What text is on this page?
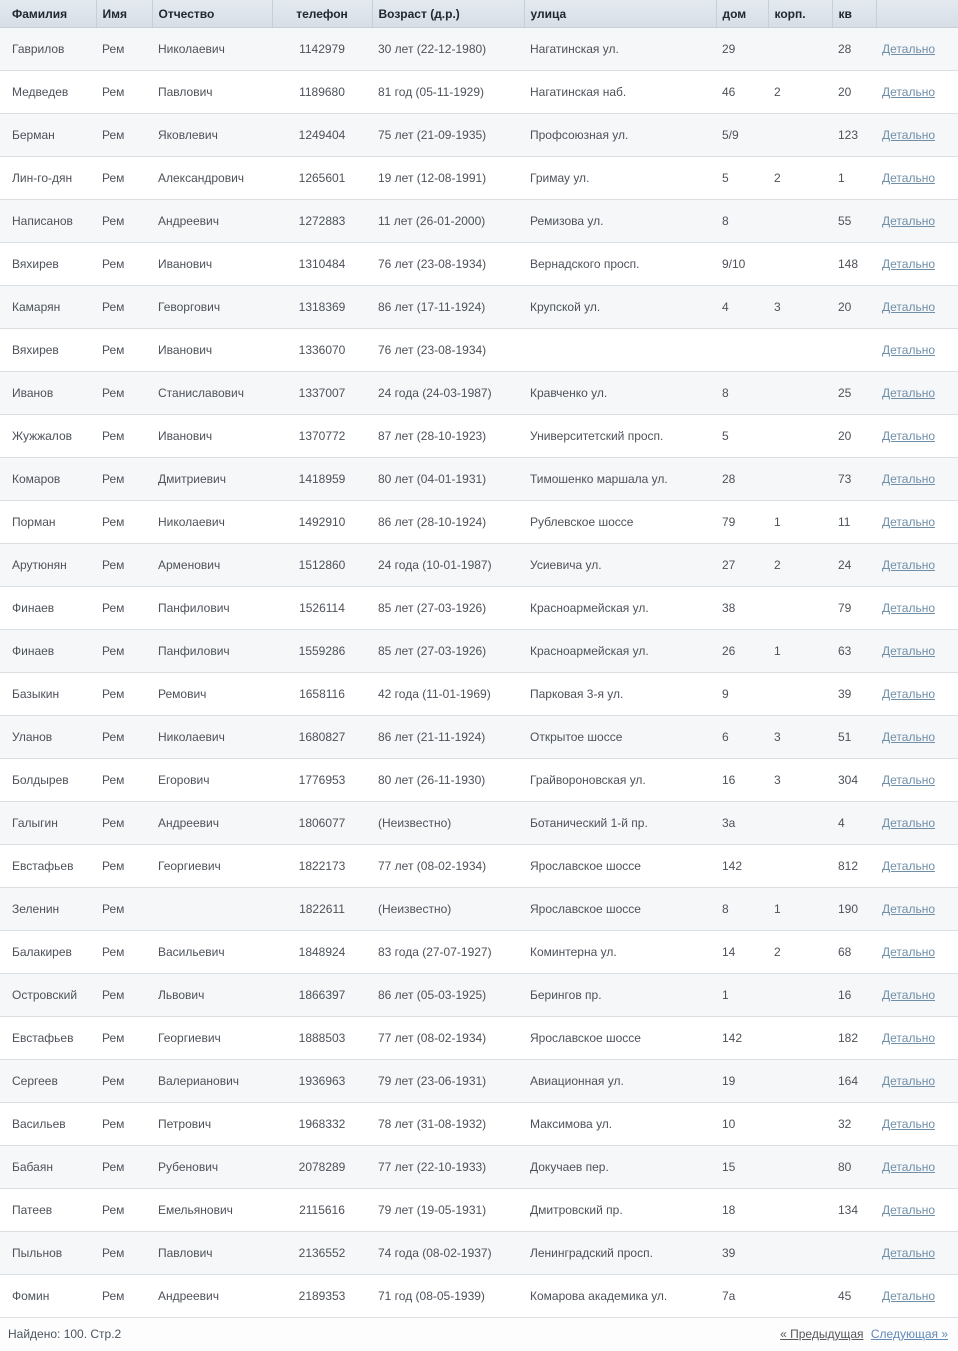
Фамилия	Имя	Отчество	телефон	Возраст (д.р.)	улица	дом	корп.	кв	
Гаврилов	Рем	Николаевич	1142979	30 лет (22-12-1980)	Нагатинская ул.	29		28	Детально
Медведев	Рем	Павлович	1189680	81 год (05-11-1929)	Нагатинская наб.	46	2	20	Детально
Берман	Рем	Яковлевич	1249404	75 лет (21-09-1935)	Профсоюзная ул.	5/9		123	Детально
Лин-го-дян	Рем	Александрович	1265601	19 лет (12-08-1991)	Гримау ул.	5	2	1	Детально
Написанов	Рем	Андреевич	1272883	11 лет (26-01-2000)	Ремизова ул.	8		55	Детально
Вяхирев	Рем	Иванович	1310484	76 лет (23-08-1934)	Вернадского просп.	9/10		148	Детально
Камарян	Рем	Геворгович	1318369	86 лет (17-11-1924)	Крупской ул.	4	3	20	Детально
Вяхирев	Рем	Иванович	1336070	76 лет (23-08-1934)					Детально
Иванов	Рем	Станиславович	1337007	24 года (24-03-1987)	Кравченко ул.	8		25	Детально
Жужжалов	Рем	Иванович	1370772	87 лет (28-10-1923)	Университетский просп.	5		20	Детально
Комаров	Рем	Дмитриевич	1418959	80 лет (04-01-1931)	Тимошенко маршала ул.	28		73	Детально
Порман	Рем	Николаевич	1492910	86 лет (28-10-1924)	Рублевское шоссе	79	1	11	Детально
Арутюнян	Рем	Арменович	1512860	24 года (10-01-1987)	Усиевича ул.	27	2	24	Детально
Финаев	Рем	Панфилович	1526114	85 лет (27-03-1926)	Красноармейская ул.	38		79	Детально
Финаев	Рем	Панфилович	1559286	85 лет (27-03-1926)	Красноармейская ул.	26	1	63	Детально
Базыкин	Рем	Ремович	1658116	42 года (11-01-1969)	Парковая 3-я ул.	9		39	Детально
Уланов	Рем	Николаевич	1680827	86 лет (21-11-1924)	Открытое шоссе	6	3	51	Детально
Болдырев	Рем	Егорович	1776953	80 лет (26-11-1930)	Грайвороновская ул.	16	3	304	Детально
Галыгин	Рем	Андреевич	1806077	(Неизвестно)	Ботанический 1-й пр.	3а		4	Детально
Евстафьев	Рем	Георгиевич	1822173	77 лет (08-02-1934)	Ярославское шоссе	142		812	Детально
Зеленин	Рем		1822611	(Неизвестно)	Ярославское шоссе	8	1	190	Детально
Балакирев	Рем	Васильевич	1848924	83 года (27-07-1927)	Коминтерна ул.	14	2	68	Детально
Островский	Рем	Львович	1866397	86 лет (05-03-1925)	Берингов пр.	1		16	Детально
Евстафьев	Рем	Георгиевич	1888503	77 лет (08-02-1934)	Ярославское шоссе	142		182	Детально
Сергеев	Рем	Валерианович	1936963	79 лет (23-06-1931)	Авиационная ул.	19		164	Детально
Васильев	Рем	Петрович	1968332	78 лет (31-08-1932)	Максимова ул.	10		32	Детально
Бабаян	Рем	Рубенович	2078289	77 лет (22-10-1933)	Докучаев пер.	15		80	Детально
Патеев	Рем	Емельянович	2115616	79 лет (19-05-1931)	Дмитровский пр.	18		134	Детально
Пыльнов	Рем	Павлович	2136552	74 года (08-02-1937)	Ленинградский просп.	39			Детально
Фомин	Рем	Андреевич	2189353	71 год (08-05-1939)	Комарова академика ул.	7а		45	Детально
Найдено: 100. Стр.2	« Предыдущая Следующая »
